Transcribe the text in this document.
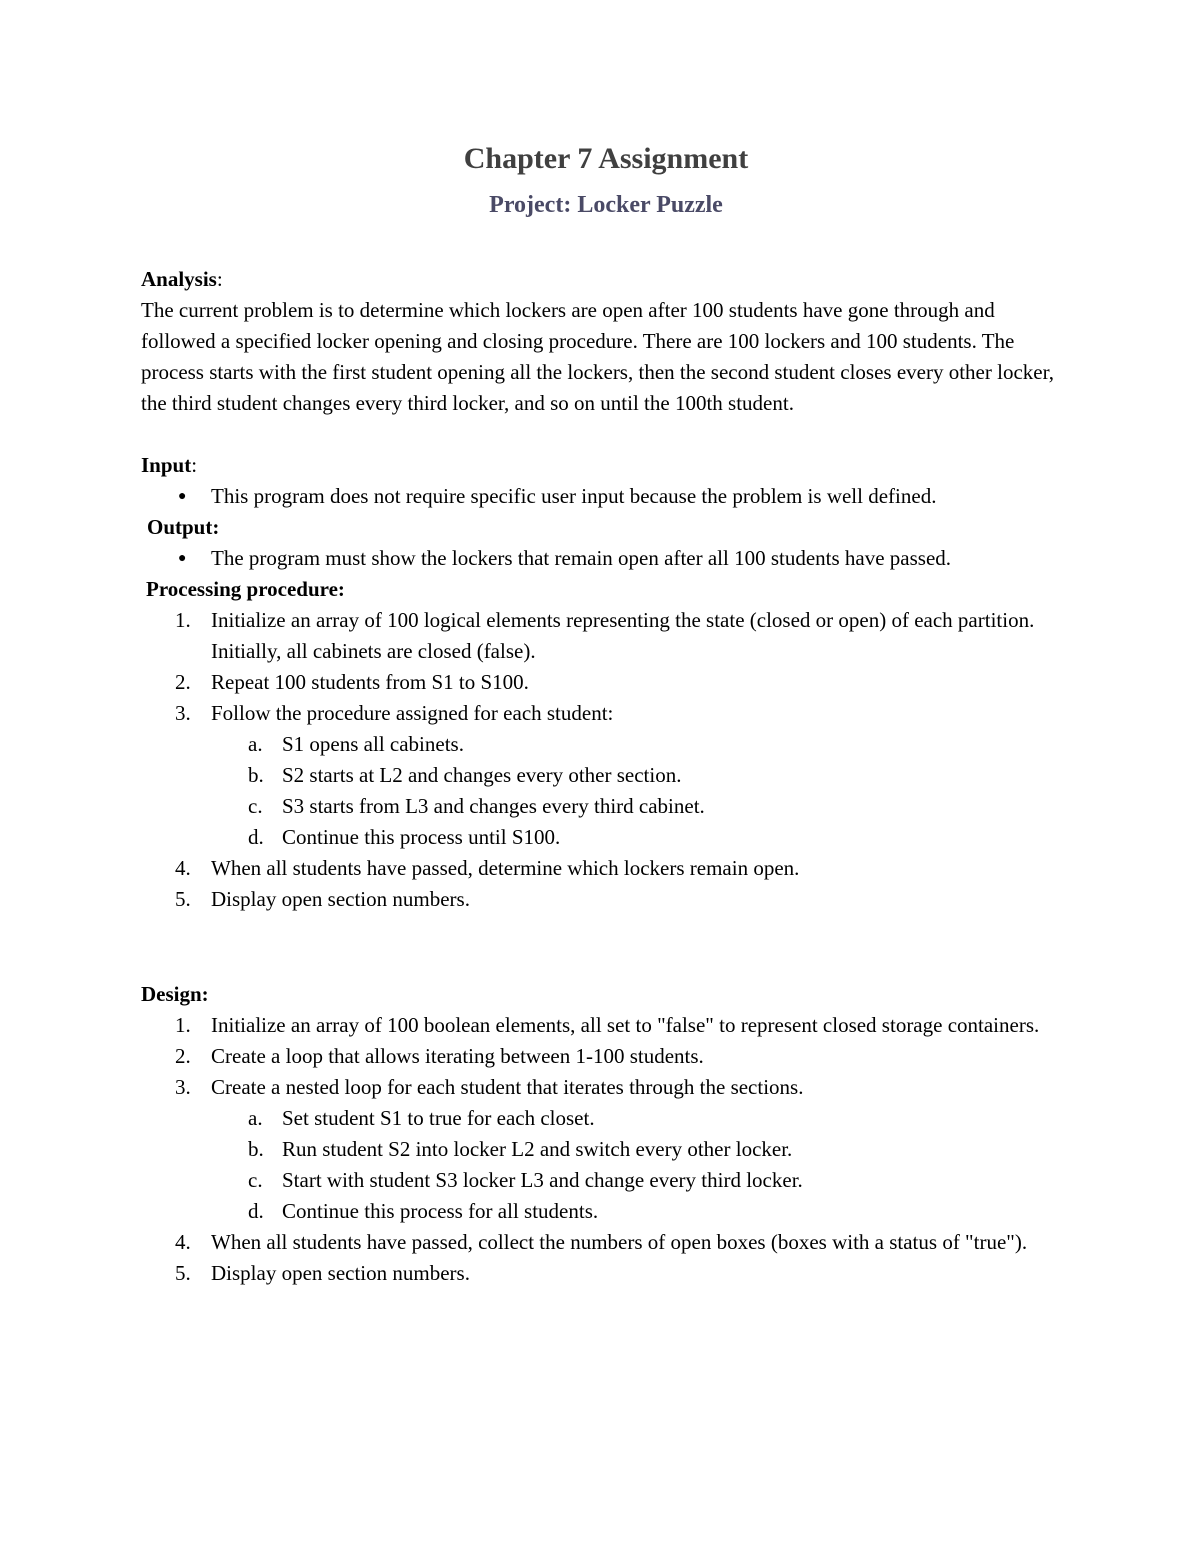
Chapter 7 Assignment
Project: Locker Puzzle

Analysis:

The current problem is to determine which lockers are open after 100 students have gone through and followed a specified locker opening and closing procedure. There are 100 lockers and 100 students. The process starts with the first student opening all the lockers, then the second student closes every other locker, the third student changes every third locker, and so on until the 100th student.

Input:

● This program does not require specific user input because the problem is well defined.

Output:

● The program must show the lockers that remain open after all 100 students have passed.

Processing procedure:

1. Initialize an array of 100 logical elements representing the state (closed or open) of each partition. Initially, all cabinets are closed (false).
2. Repeat 100 students from S1 to S100.
3. Follow the procedure assigned for each student:
a. S1 opens all cabinets.
b. S2 starts at L2 and changes every other section.
c. S3 starts from L3 and changes every third cabinet.
d. Continue this process until S100.
4. When all students have passed, determine which lockers remain open.
5. Display open section numbers.

Design:

1. Initialize an array of 100 boolean elements, all set to "false" to represent closed storage containers.
2. Create a loop that allows iterating between 1-100 students.
3. Create a nested loop for each student that iterates through the sections.
a. Set student S1 to true for each closet.
b. Run student S2 into locker L2 and switch every other locker.
c. Start with student S3 locker L3 and change every third locker.
d. Continue this process for all students.
4. When all students have passed, collect the numbers of open boxes (boxes with a status of "true").
5. Display open section numbers.
